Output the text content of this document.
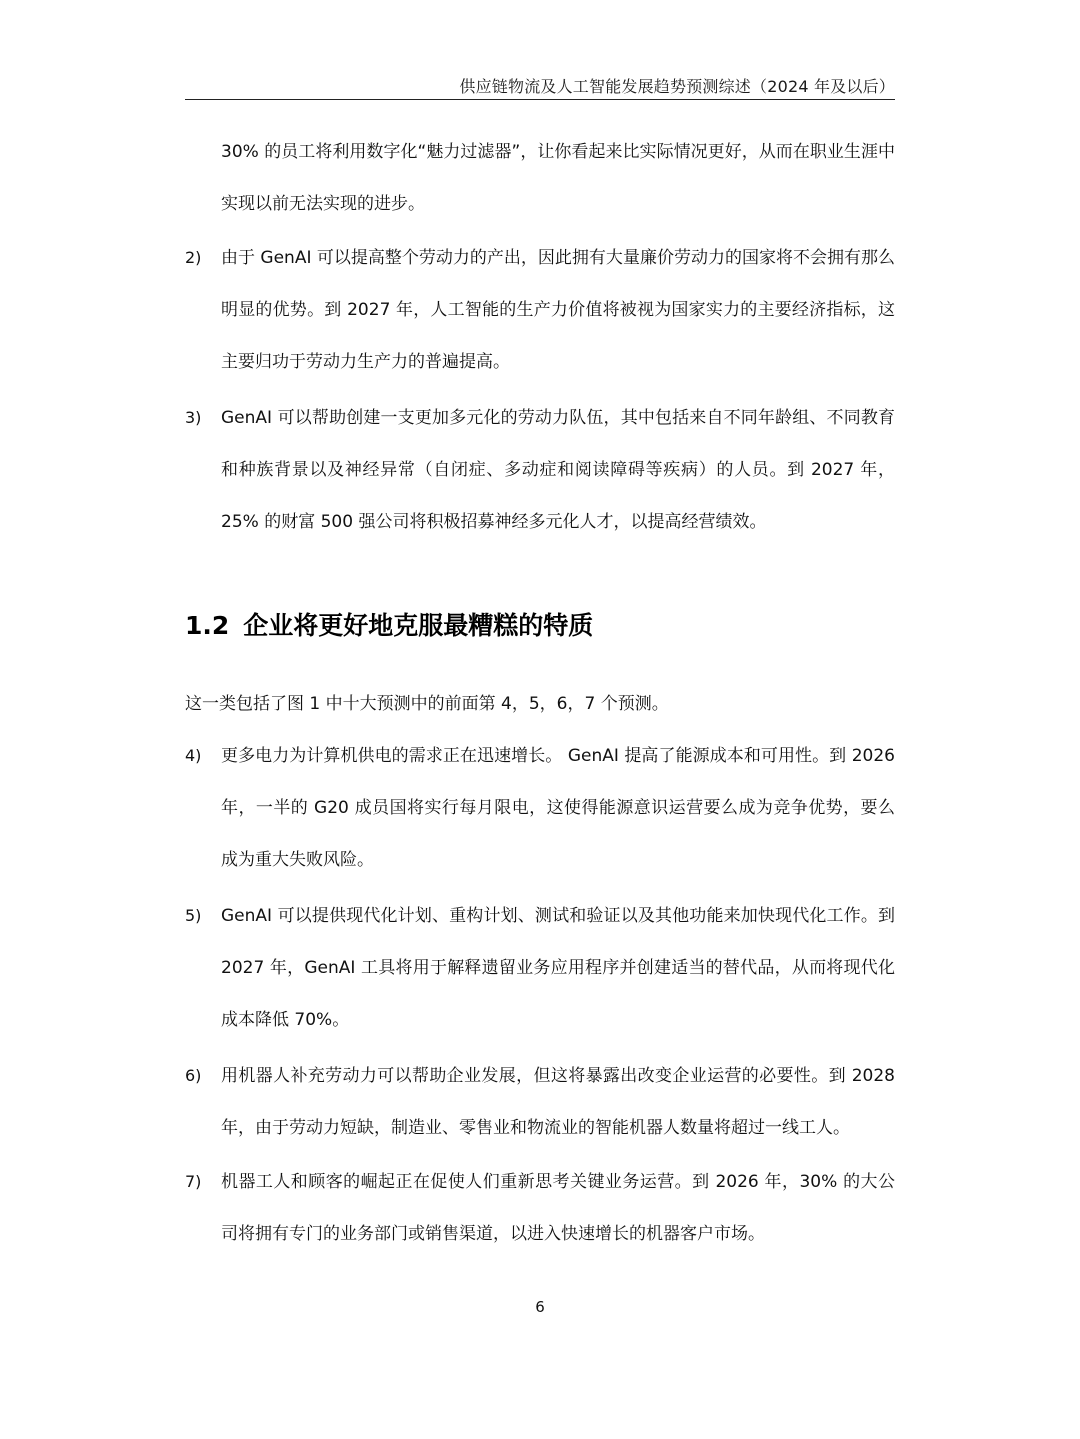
供应链物流及人工智能发展趋势预测综述（2024 年及以后）

30% 的员工将利用数字化“魅力过滤器”，让你看起来比实际情况更好，从而在职业生涯中实现以前无法实现的进步。

2) 由于 GenAI 可以提高整个劳动力的产出，因此拥有大量廉价劳动力的国家将不会拥有那么明显的优势。到 2027 年，人工智能的生产力价值将被视为国家实力的主要经济指标，这主要归功于劳动力生产力的普遍提高。

3) GenAI 可以帮助创建一支更加多元化的劳动力队伍，其中包括来自不同年龄组、不同教育和种族背景以及神经异常（自闭症、多动症和阅读障碍等疾病）的人员。到 2027 年，25% 的财富 500 强公司将积极招募神经多元化人才，以提高经营绩效。

1.2 企业将更好地克服最糟糕的特质

这一类包括了图 1 中十大预测中的前面第 4，5，6，7 个预测。

4) 更多电力为计算机供电的需求正在迅速增长。 GenAI 提高了能源成本和可用性。到 2026 年，一半的 G20 成员国将实行每月限电，这使得能源意识运营要么成为竞争优势，要么成为重大失败风险。

5) GenAI 可以提供现代化计划、重构计划、测试和验证以及其他功能来加快现代化工作。到 2027 年，GenAI 工具将用于解释遗留业务应用程序并创建适当的替代品，从而将现代化成本降低 70%。

6) 用机器人补充劳动力可以帮助企业发展，但这将暴露出改变企业运营的必要性。到 2028 年，由于劳动力短缺，制造业、零售业和物流业的智能机器人数量将超过一线工人。

7) 机器工人和顾客的崛起正在促使人们重新思考关键业务运营。到 2026 年，30% 的大公司将拥有专门的业务部门或销售渠道，以进入快速增长的机器客户市场。

6
